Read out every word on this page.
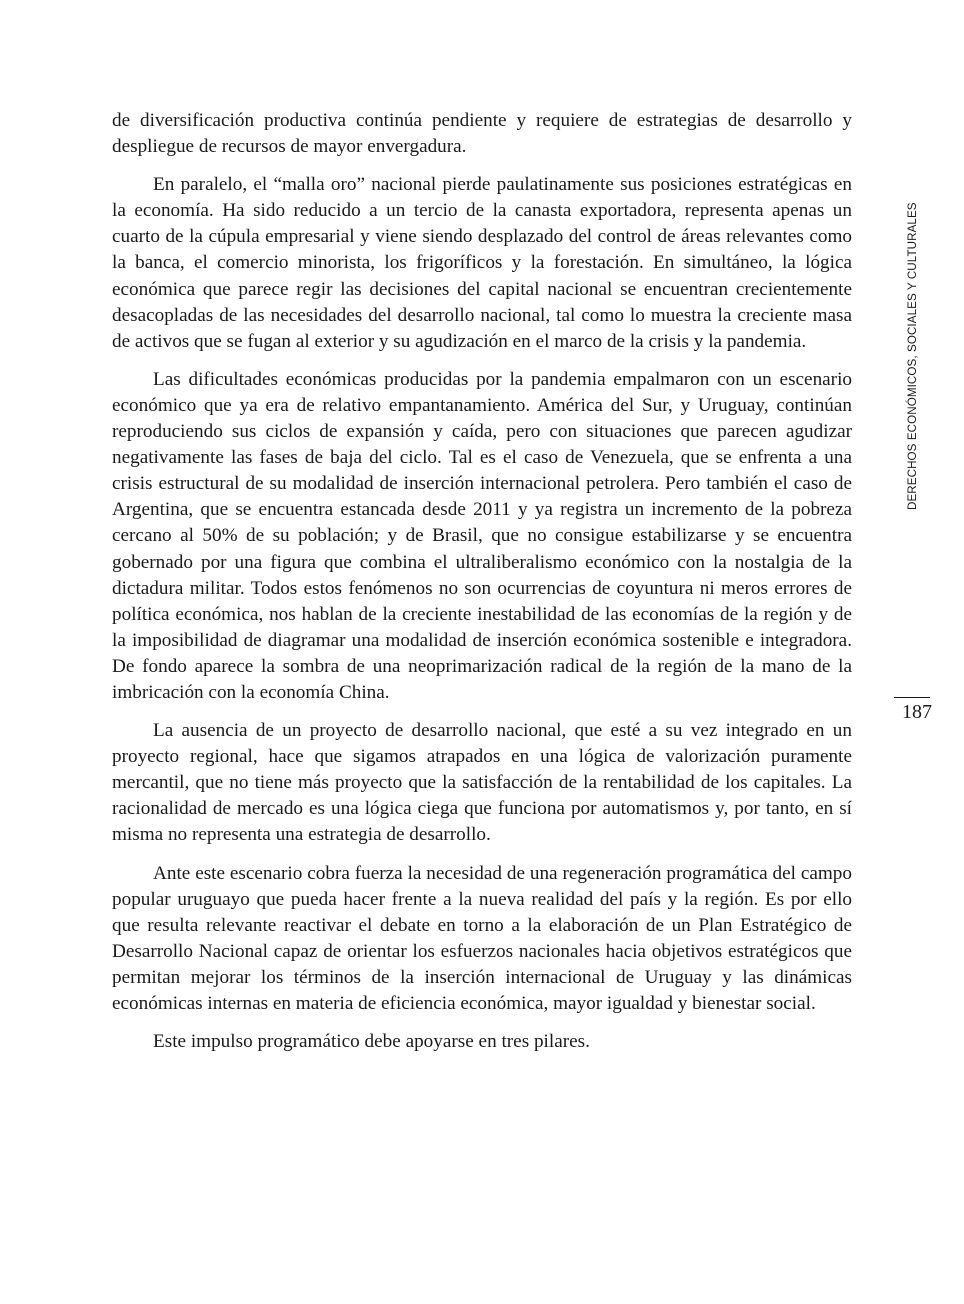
de diversificación productiva continúa pendiente y requiere de estrategias de desarrollo y despliegue de recursos de mayor envergadura.

En paralelo, el “malla oro” nacional pierde paulatinamente sus posiciones estratégicas en la economía. Ha sido reducido a un tercio de la canasta exportadora, representa apenas un cuarto de la cúpula empresarial y viene siendo desplazado del control de áreas relevantes como la banca, el comercio minorista, los frigoríficos y la forestación. En simultáneo, la lógica económica que parece regir las decisiones del capital nacional se encuentran crecientemente desacopladas de las necesidades del desarrollo nacional, tal como lo muestra la creciente masa de activos que se fugan al exterior y su agudización en el marco de la crisis y la pandemia.

Las dificultades económicas producidas por la pandemia empalmaron con un escenario económico que ya era de relativo empantanamiento. América del Sur, y Uruguay, continúan reproduciendo sus ciclos de expansión y caída, pero con situaciones que parecen agudizar negativamente las fases de baja del ciclo. Tal es el caso de Venezuela, que se enfrenta a una crisis estructural de su modalidad de inserción internacional petrolera. Pero también el caso de Argentina, que se encuentra estancada desde 2011 y ya registra un incremento de la pobreza cercano al 50% de su población; y de Brasil, que no consigue estabilizarse y se encuentra gobernado por una figura que combina el ultraliberalismo económico con la nostalgia de la dictadura militar. Todos estos fenómenos no son ocurrencias de coyuntura ni meros errores de política económica, nos hablan de la creciente inestabilidad de las economías de la región y de la imposibilidad de diagramar una modalidad de inserción económica sostenible e integradora. De fondo aparece la sombra de una neoprimarización radical de la región de la mano de la imbricación con la economía China.

La ausencia de un proyecto de desarrollo nacional, que esté a su vez integrado en un proyecto regional, hace que sigamos atrapados en una lógica de valorización puramente mercantil, que no tiene más proyecto que la satisfacción de la rentabilidad de los capitales. La racionalidad de mercado es una lógica ciega que funciona por automatismos y, por tanto, en sí misma no representa una estrategia de desarrollo.

Ante este escenario cobra fuerza la necesidad de una regeneración programática del campo popular uruguayo que pueda hacer frente a la nueva realidad del país y la región. Es por ello que resulta relevante reactivar el debate en torno a la elaboración de un Plan Estratégico de Desarrollo Nacional capaz de orientar los esfuerzos nacionales hacia objetivos estratégicos que permitan mejorar los términos de la inserción internacional de Uruguay y las dinámicas económicas internas en materia de eficiencia económica, mayor igualdad y bienestar social.

Este impulso programático debe apoyarse en tres pilares.

DERECHOS ECONÓMICOS, SOCIALES Y CULTURALES
187
